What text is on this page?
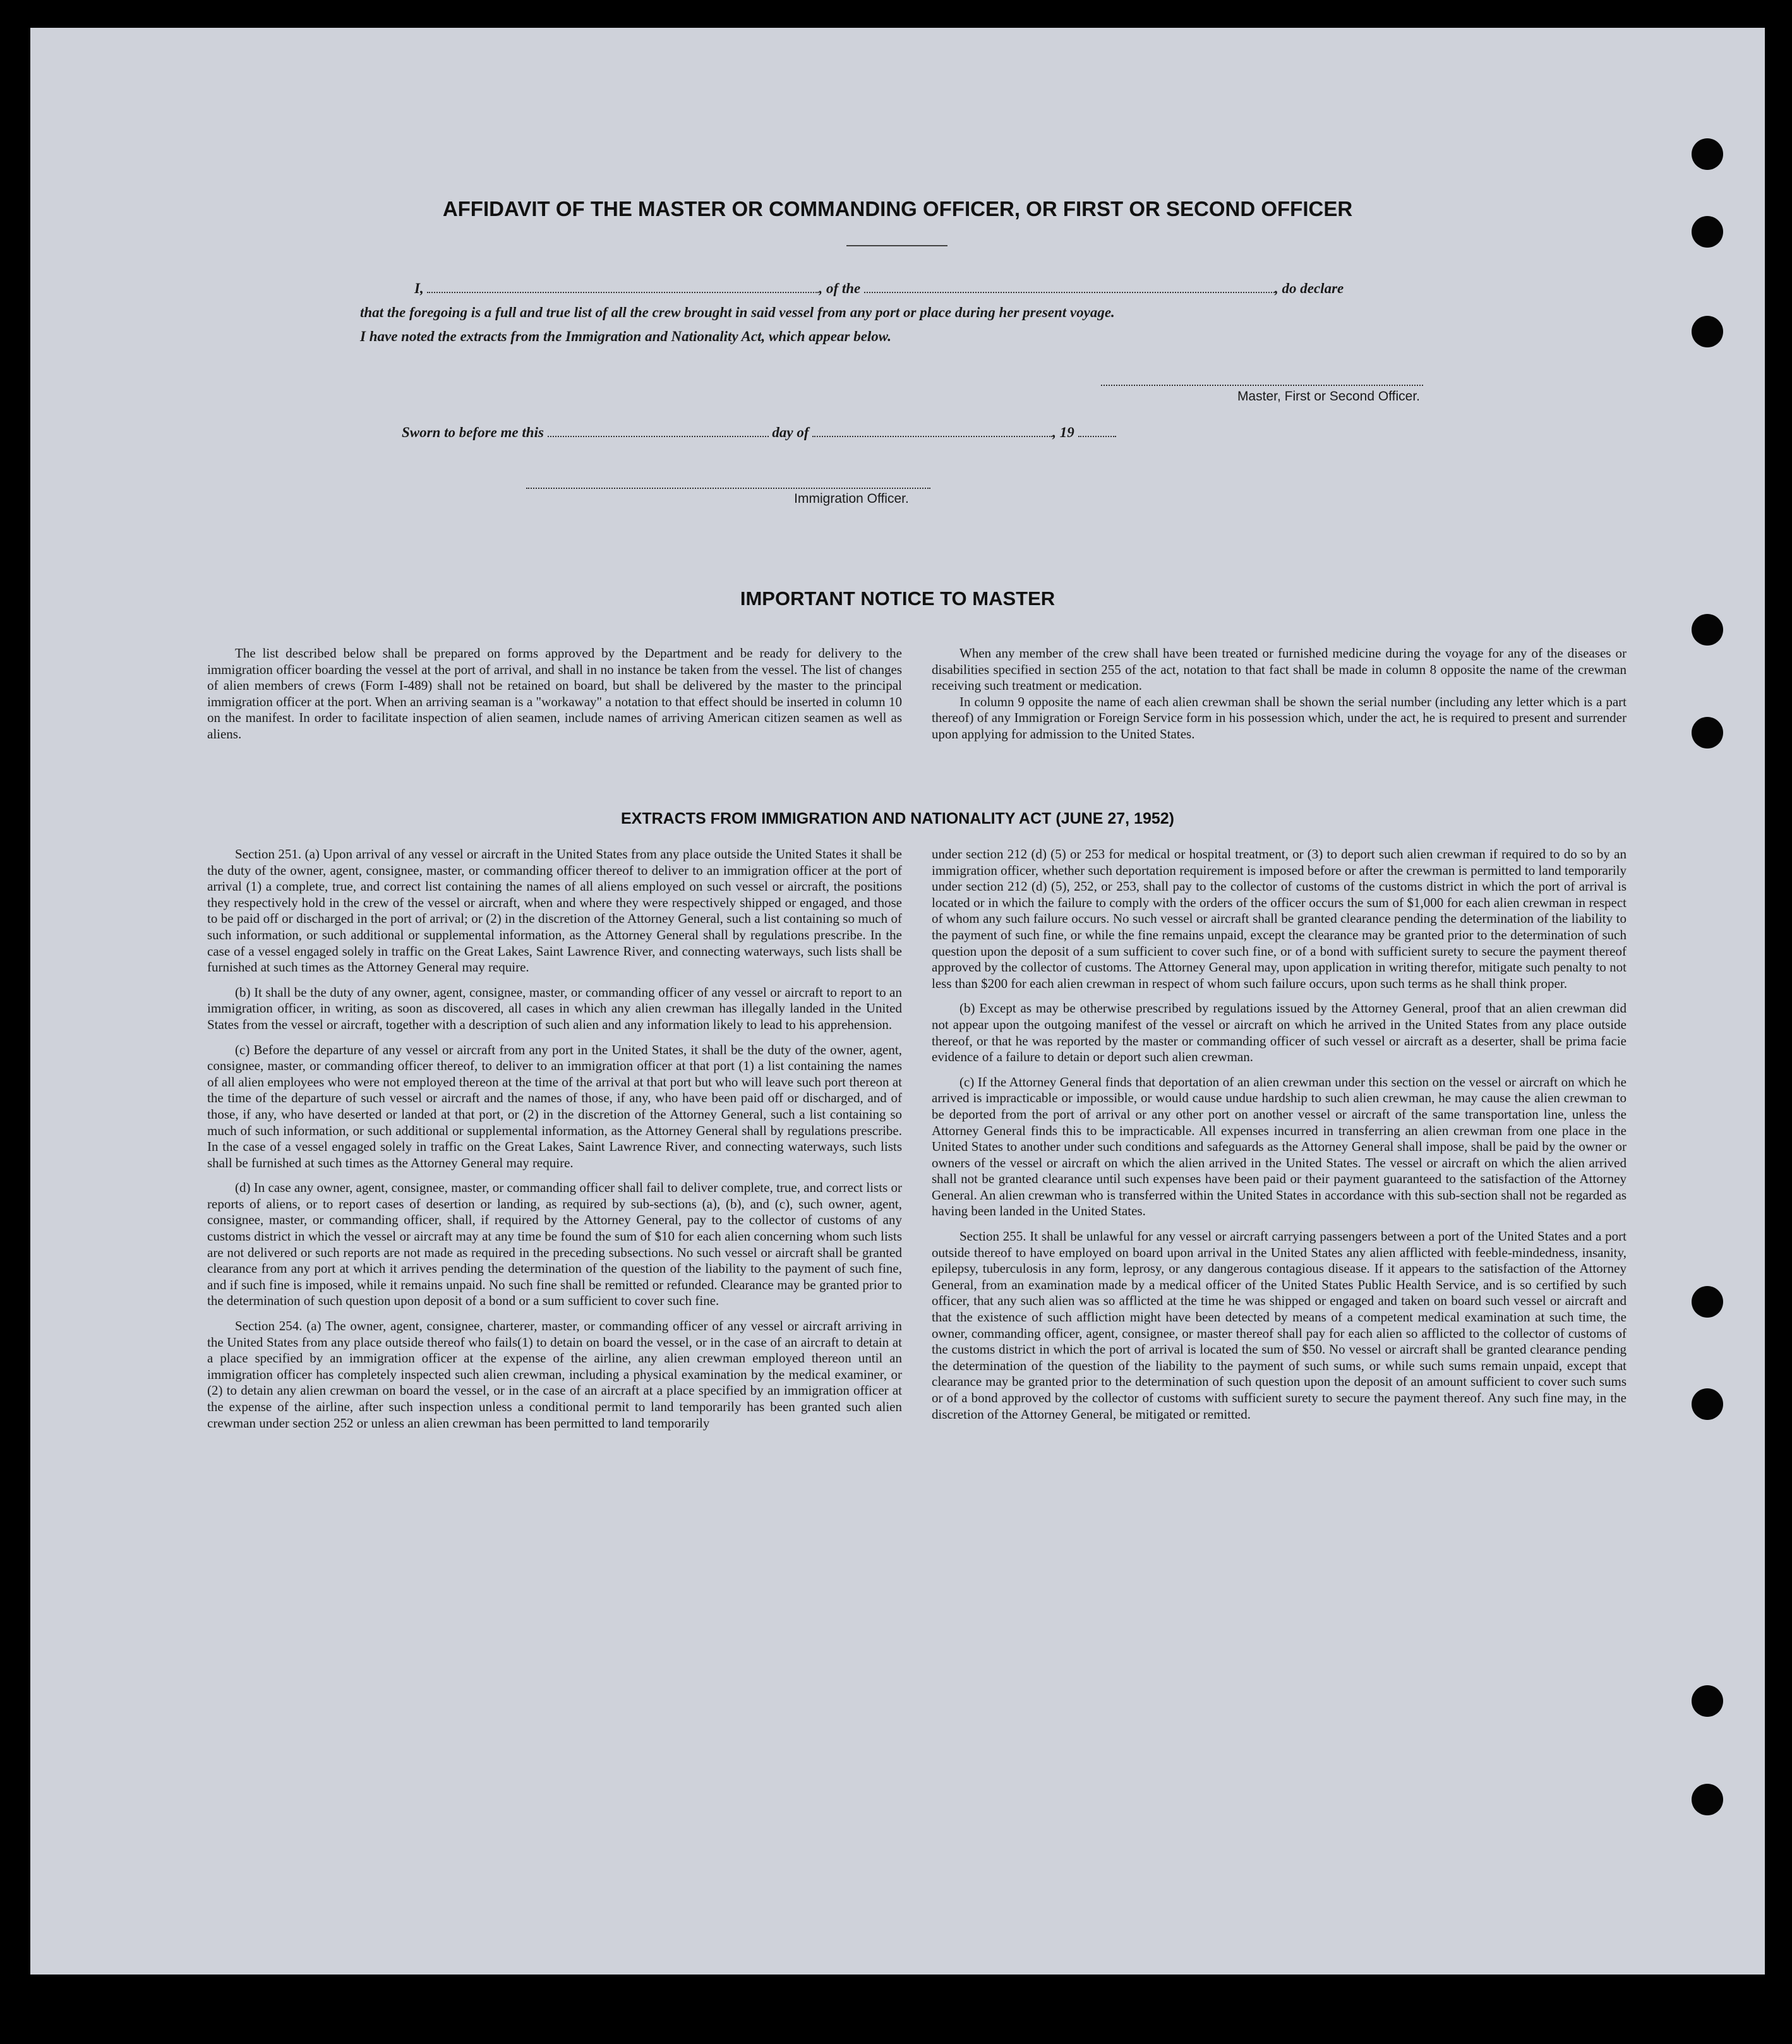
AFFIDAVIT OF THE MASTER OR COMMANDING OFFICER, OR FIRST OR SECOND OFFICER
I,	, of the	, do declare
that the foregoing is a full and true list of all the crew brought in said vessel from any port or place during her present voyage.
I have noted the extracts from the Immigration and Nationality Act, which appear below.
Master, First or Second Officer.
Sworn to before me this	day of	, 19
Immigration Officer.
IMPORTANT NOTICE TO MASTER

The list described below shall be prepared on forms approved by the Department and be ready for delivery to the immigration officer boarding the vessel at the port of arrival, and shall in no instance be taken from the vessel. The list of changes of alien members of crews (Form I-489) shall not be retained on board, but shall be delivered by the master to the principal immigration officer at the port. When an arriving seaman is a "workaway" a notation to that effect should be inserted in column 10 on the manifest. In order to facilitate inspection of alien seamen, include names of arriving American citizen seamen as well as aliens.

When any member of the crew shall have been treated or furnished medicine during the voyage for any of the diseases or disabilities specified in section 255 of the act, notation to that fact shall be made in column 8 opposite the name of the crewman receiving such treatment or medication.

In column 9 opposite the name of each alien crewman shall be shown the serial number (including any letter which is a part thereof) of any Immigration or Foreign Service form in his possession which, under the act, he is required to present and surrender upon applying for admission to the United States.

EXTRACTS FROM IMMIGRATION AND NATIONALITY ACT (JUNE 27, 1952)

Section 251. (a) Upon arrival of any vessel or aircraft in the United States from any place outside the United States it shall be the duty of the owner, agent, consignee, master, or commanding officer thereof to deliver to an immigration officer at the port of arrival (1) a complete, true, and correct list containing the names of all aliens employed on such vessel or aircraft, the positions they respectively hold in the crew of the vessel or aircraft, when and where they were respectively shipped or engaged, and those to be paid off or discharged in the port of arrival; or (2) in the discretion of the Attorney General, such a list containing so much of such information, or such additional or supplemental information, as the Attorney General shall by regulations prescribe. In the case of a vessel engaged solely in traffic on the Great Lakes, Saint Lawrence River, and connecting waterways, such lists shall be furnished at such times as the Attorney General may require.

(b) It shall be the duty of any owner, agent, consignee, master, or commanding officer of any vessel or aircraft to report to an immigration officer, in writing, as soon as discovered, all cases in which any alien crewman has illegally landed in the United States from the vessel or aircraft, together with a description of such alien and any information likely to lead to his apprehension.

(c) Before the departure of any vessel or aircraft from any port in the United States, it shall be the duty of the owner, agent, consignee, master, or commanding officer thereof, to deliver to an immigration officer at that port (1) a list containing the names of all alien employees who were not employed thereon at the time of the arrival at that port but who will leave such port thereon at the time of the departure of such vessel or aircraft and the names of those, if any, who have been paid off or discharged, and of those, if any, who have deserted or landed at that port, or (2) in the discretion of the Attorney General, such a list containing so much of such information, or such additional or supplemental information, as the Attorney General shall by regulations prescribe. In the case of a vessel engaged solely in traffic on the Great Lakes, Saint Lawrence River, and connecting waterways, such lists shall be furnished at such times as the Attorney General may require.

(d) In case any owner, agent, consignee, master, or commanding officer shall fail to deliver complete, true, and correct lists or reports of aliens, or to report cases of desertion or landing, as required by sub-sections (a), (b), and (c), such owner, agent, consignee, master, or commanding officer, shall, if required by the Attorney General, pay to the collector of customs of any customs district in which the vessel or aircraft may at any time be found the sum of $10 for each alien concerning whom such lists are not delivered or such reports are not made as required in the preceding subsections. No such vessel or aircraft shall be granted clearance from any port at which it arrives pending the determination of the question of the liability to the payment of such fine, and if such fine is imposed, while it remains unpaid. No such fine shall be remitted or refunded. Clearance may be granted prior to the determination of such question upon deposit of a bond or a sum sufficient to cover such fine.

Section 254. (a) The owner, agent, consignee, charterer, master, or commanding officer of any vessel or aircraft arriving in the United States from any place outside thereof who fails(1) to detain on board the vessel, or in the case of an aircraft to detain at a place specified by an immigration officer at the expense of the airline, any alien crewman employed thereon until an immigration officer has completely inspected such alien crewman, including a physical examination by the medical examiner, or (2) to detain any alien crewman on board the vessel, or in the case of an aircraft at a place specified by an immigration officer at the expense of the airline, after such inspection unless a conditional permit to land temporarily has been granted such alien crewman under section 252 or unless an alien crewman has been permitted to land temporarily

under section 212 (d) (5) or 253 for medical or hospital treatment, or (3) to deport such alien crewman if required to do so by an immigration officer, whether such deportation requirement is imposed before or after the crewman is permitted to land temporarily under section 212 (d) (5), 252, or 253, shall pay to the collector of customs of the customs district in which the port of arrival is located or in which the failure to comply with the orders of the officer occurs the sum of $1,000 for each alien crewman in respect of whom any such failure occurs. No such vessel or aircraft shall be granted clearance pending the determination of the liability to the payment of such fine, or while the fine remains unpaid, except the clearance may be granted prior to the determination of such question upon the deposit of a sum sufficient to cover such fine, or of a bond with sufficient surety to secure the payment thereof approved by the collector of customs. The Attorney General may, upon application in writing therefor, mitigate such penalty to not less than $200 for each alien crewman in respect of whom such failure occurs, upon such terms as he shall think proper.

(b) Except as may be otherwise prescribed by regulations issued by the Attorney General, proof that an alien crewman did not appear upon the outgoing manifest of the vessel or aircraft on which he arrived in the United States from any place outside thereof, or that he was reported by the master or commanding officer of such vessel or aircraft as a deserter, shall be prima facie evidence of a failure to detain or deport such alien crewman.

(c) If the Attorney General finds that deportation of an alien crewman under this section on the vessel or aircraft on which he arrived is impracticable or impossible, or would cause undue hardship to such alien crewman, he may cause the alien crewman to be deported from the port of arrival or any other port on another vessel or aircraft of the same transportation line, unless the Attorney General finds this to be impracticable. All expenses incurred in transferring an alien crewman from one place in the United States to another under such conditions and safeguards as the Attorney General shall impose, shall be paid by the owner or owners of the vessel or aircraft on which the alien arrived in the United States. The vessel or aircraft on which the alien arrived shall not be granted clearance until such expenses have been paid or their payment guaranteed to the satisfaction of the Attorney General. An alien crewman who is transferred within the United States in accordance with this sub-section shall not be regarded as having been landed in the United States.

Section 255. It shall be unlawful for any vessel or aircraft carrying passengers between a port of the United States and a port outside thereof to have employed on board upon arrival in the United States any alien afflicted with feeble-mindedness, insanity, epilepsy, tuberculosis in any form, leprosy, or any dangerous contagious disease. If it appears to the satisfaction of the Attorney General, from an examination made by a medical officer of the United States Public Health Service, and is so certified by such officer, that any such alien was so afflicted at the time he was shipped or engaged and taken on board such vessel or aircraft and that the existence of such affliction might have been detected by means of a competent medical examination at such time, the owner, commanding officer, agent, consignee, or master thereof shall pay for each alien so afflicted to the collector of customs of the customs district in which the port of arrival is located the sum of $50. No vessel or aircraft shall be granted clearance pending the determination of the question of the liability to the payment of such sums, or while such sums remain unpaid, except that clearance may be granted prior to the determination of such question upon the deposit of an amount sufficient to cover such sums or of a bond approved by the collector of customs with sufficient surety to secure the payment thereof. Any such fine may, in the discretion of the Attorney General, be mitigated or remitted.
